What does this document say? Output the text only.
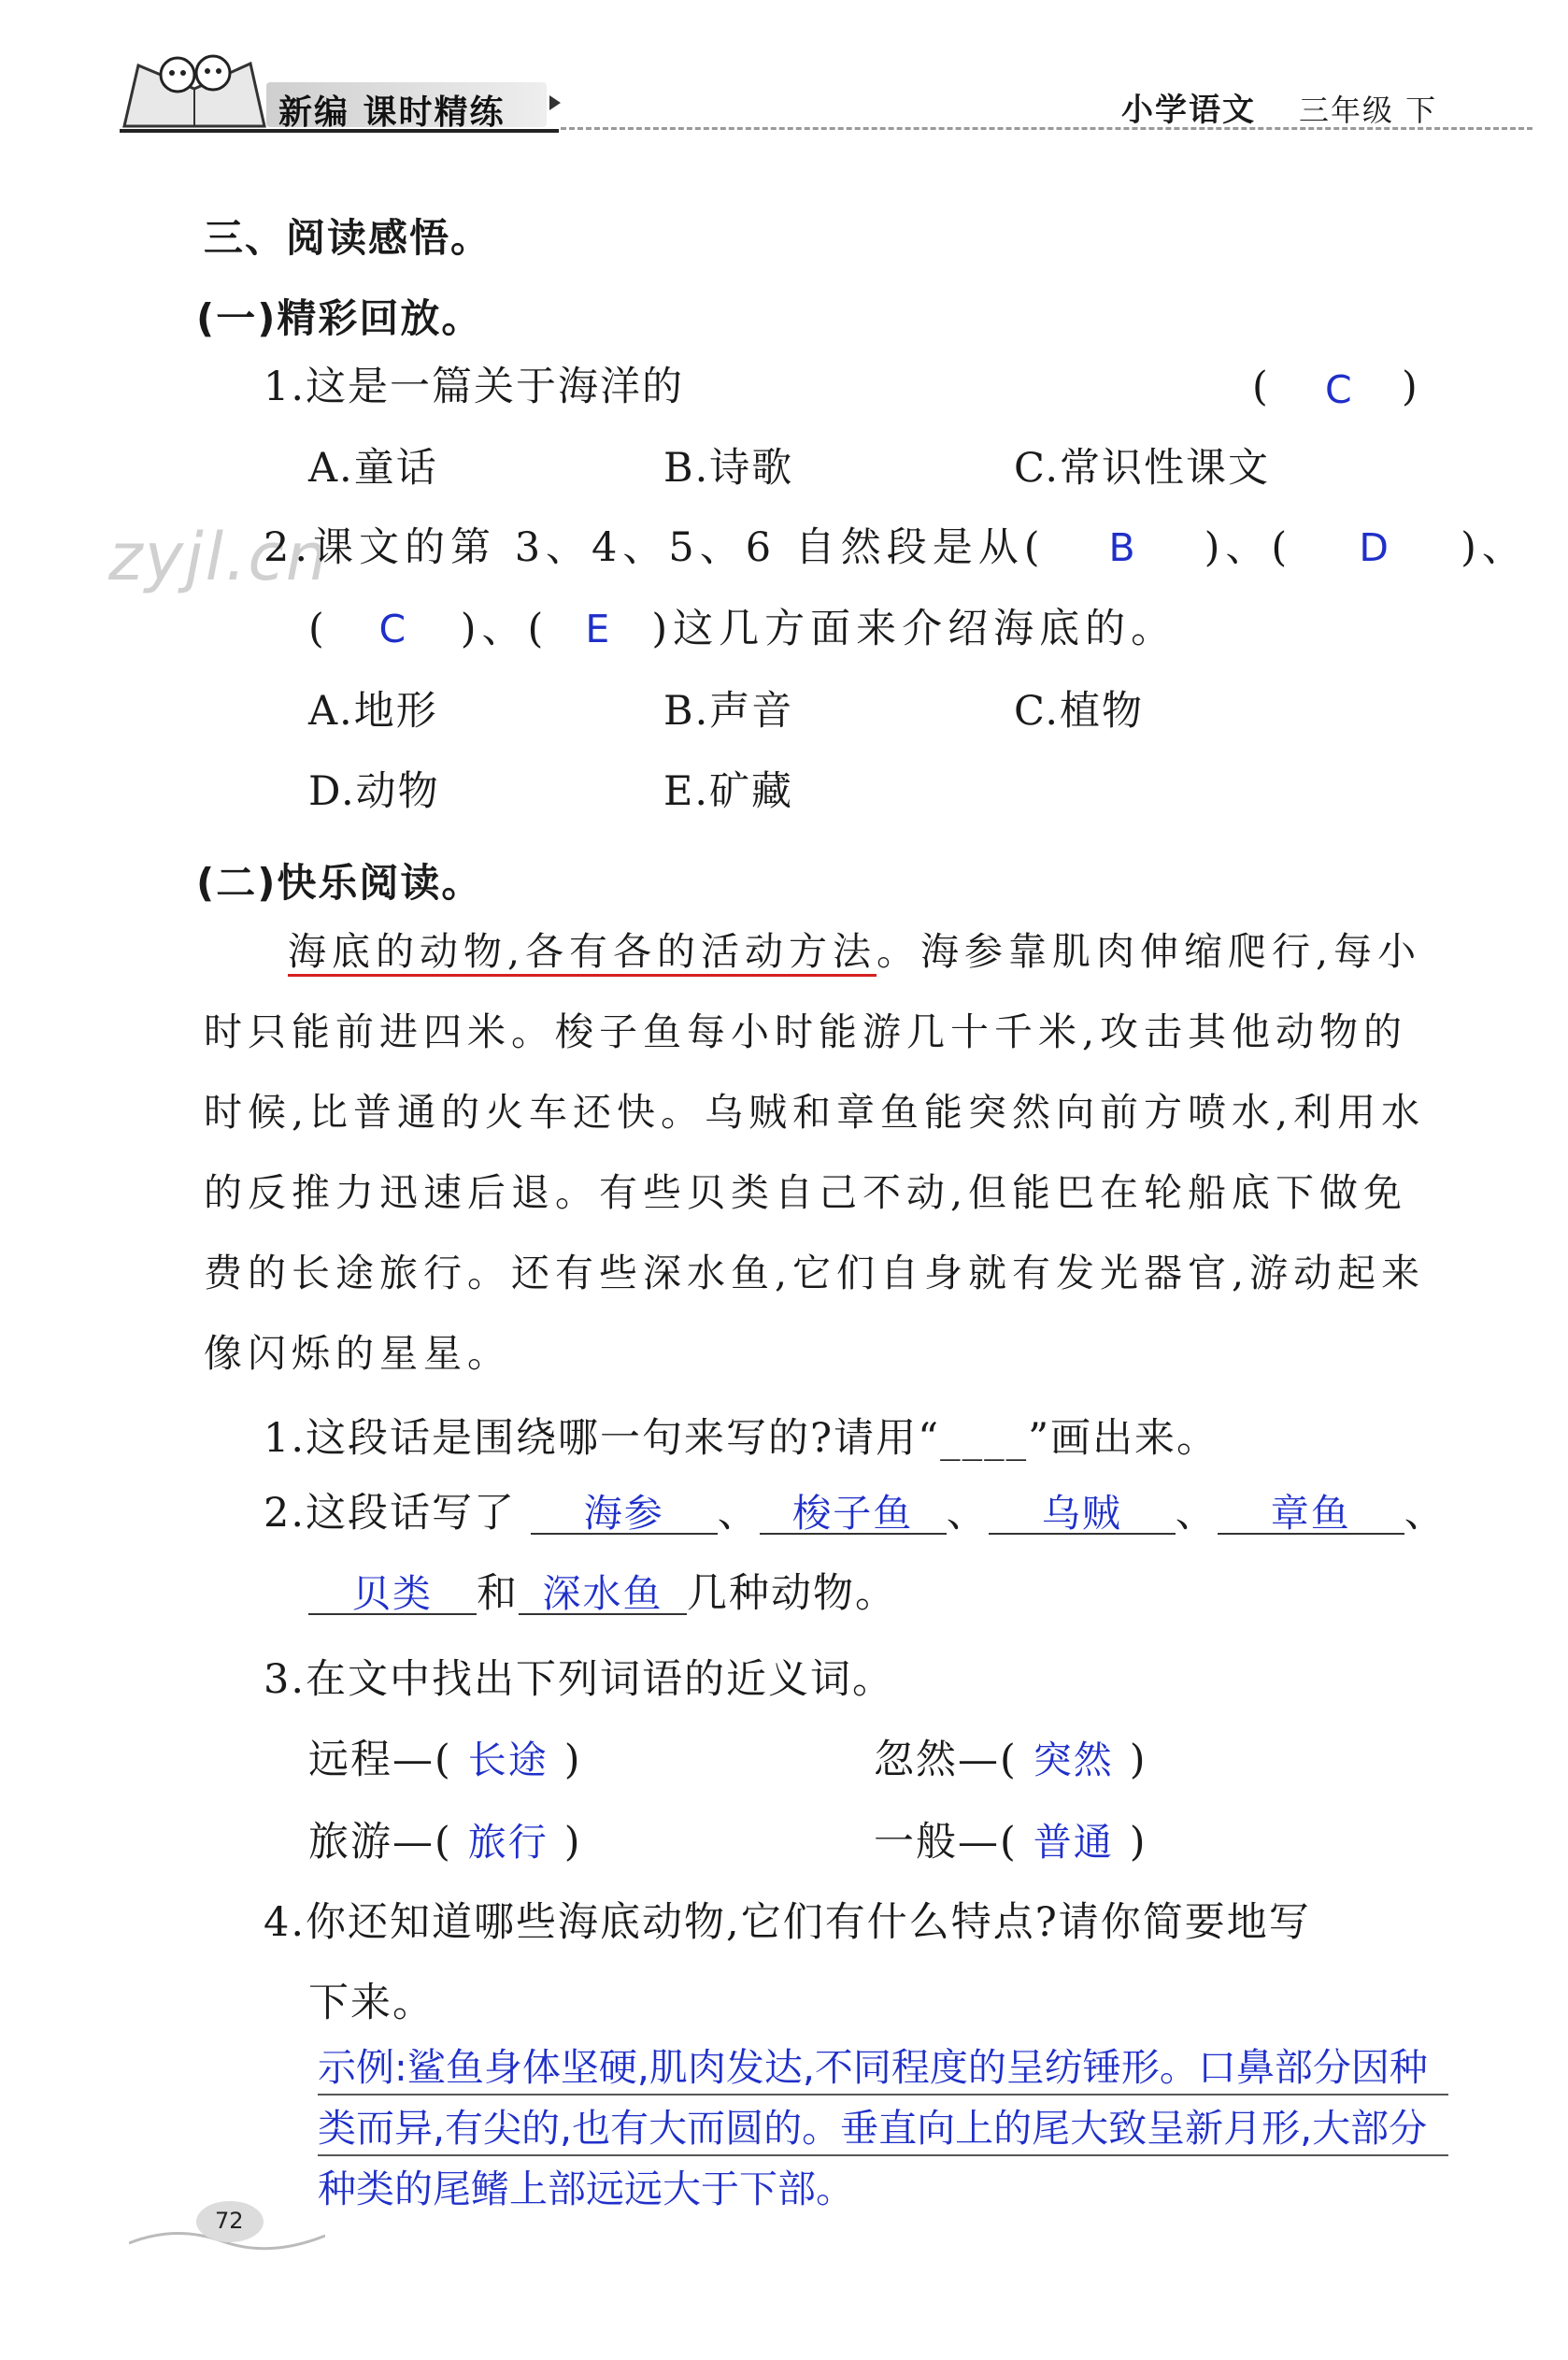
新编 课时精练	小学语文 三年级 下
三、阅读感悟。
(一)精彩回放。
1.这是一篇关于海洋的	( C )
A.童话	B.诗歌	C.常识性课文
zyjl.cn
2.课文的第 3、4、5、6 自然段是从( B )、( D )、
( C )、( E )这几方面来介绍海底的。
A.地形	B.声音	C.植物
D.动物	E.矿藏
(二)快乐阅读。
海底的动物,各有各的活动方法。海参靠肌肉伸缩爬行,每小时只能前进四米。梭子鱼每小时能游几十千米,攻击其他动物的时候,比普通的火车还快。乌贼和章鱼能突然向前方喷水,利用水的反推力迅速后退。有些贝类自己不动,但能巴在轮船底下做免费的长途旅行。还有些深水鱼,它们自身就有发光器官,游动起来像闪烁的星星。
1.这段话是围绕哪一句来写的?请用“____”画出来。
2.这段话写了 海参 、 梭子鱼 、 乌贼 、 章鱼 、
贝类 和 深水鱼 几种动物。
3.在文中找出下列词语的近义词。
远程—( 长途 )	忽然—( 突然 )
旅游—( 旅行 )	一般—( 普通 )
4.你还知道哪些海底动物,它们有什么特点?请你简要地写
下来。
示例:鲨鱼身体坚硬,肌肉发达,不同程度的呈纺锤形。口鼻部分因种类而异,有尖的,也有大而圆的。垂直向上的尾大致呈新月形,大部分种类的尾鳍上部远远大于下部。
72
